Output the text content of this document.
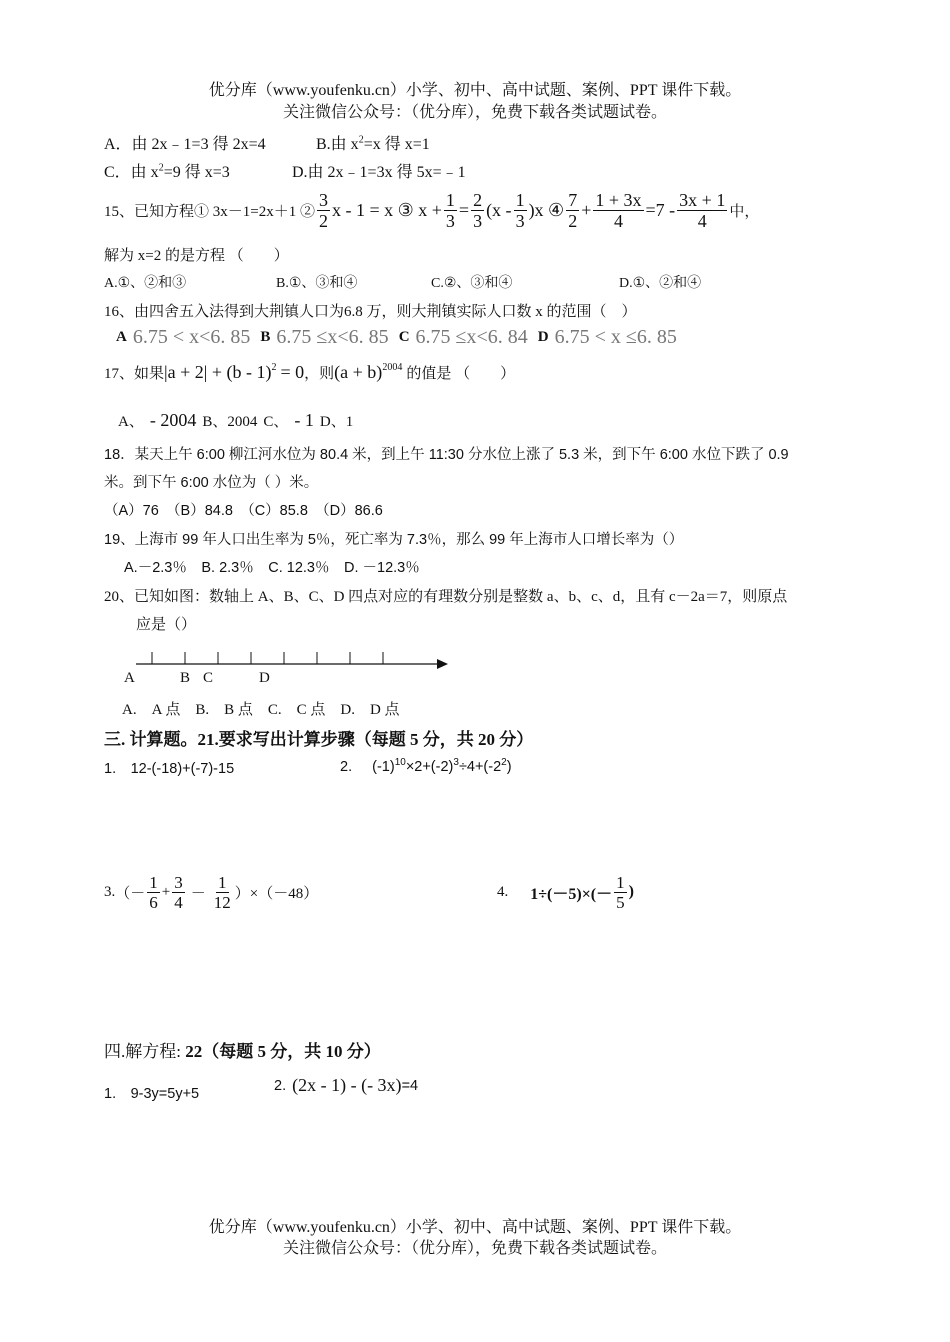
优分库（www.youfenku.cn）小学、初中、高中试题、案例、PPT 课件下载。
关注微信公众号：（优分库），免费下载各类试题试卷。
A．由 2x﹣1=3 得 2x=4	B.由 $x^2=x$ 得 x=1
C．由 $x^2=9$ 得 x=3	D.由 2x﹣1=3x 得 5x=﹣1
15、已知方程① 3x－1=2x＋1 ② $\frac{3}{2}$ x - 1 = x ③ $x + \frac{1}{3} = \frac{2}{3} (x - \frac{1}{3} )x$ ④ $\frac{7}{2} + \frac{1 + 3x}{4} =7 - \frac{3x + 1}{4}$ 中，
解为 x=2 的是方程 （　　）
A.①、②和③	B.①、③和④	C.②、③和④	D.①、②和④
16、由四舍五入法得到大荆镇人口为6.8 万，则大荆镇实际人口数 x 的范围（　）
A 6.75 < x<6. 85 B 6.75 ≤x<6. 85 C 6.75 ≤x<6. 84 D 6.75 < x ≤6. 85
17、如果 |a + 2| + (b - 1)$^2$ = 0 ，则 $(a + b)^{2004}$ 的值是 （　　）
A、 - 2004 B、2004 C、 - 1 D、1
18．某天上午 6:00 柳江河水位为 80.4 米，到上午 11:30 分水位上涨了 5.3 米，到下午 6:00 水位下跌了 0.9
米。到下午 6:00 水位为（ ）米。
（A）76　（B）84.8　（C）85.8　（D）86.6
19、上海市 99 年人口出生率为 5％，死亡率为 7.3％，那么 99 年上海市人口增长率为（）
A.－2.3％　B. 2.3％　C. 12.3％　D. －12.3％
20、已知如图：数轴上 A、B、C、D 四点对应的有理数分别是整数 a、b、c、d，且有 c－2a＝7，则原点
应是（）
A	B C	D
A.　A 点　B.　B 点　C.　C 点　D.　D 点
三. 计算题。21.要求写出计算步骤（每题 5 分，共 20 分）
1.　12-(-18)+(-7)-15	2. $(-1)^{10}\times 2+(-2)^3\div 4+(-2^2)$
3. （－ $\frac{1}{6} + \frac{3}{4} - \frac{1}{12} )\times(-48)$	4. $1\div(-5)\times(- \frac{1}{5}$ )
四.解方程: 22（每题 5 分，共 10 分）
1.　9-3y=5y+5
2. (2x - 1) - (- 3x) =4
优分库（www.youfenku.cn）小学、初中、高中试题、案例、PPT 课件下载。
关注微信公众号：（优分库），免费下载各类试题试卷。
